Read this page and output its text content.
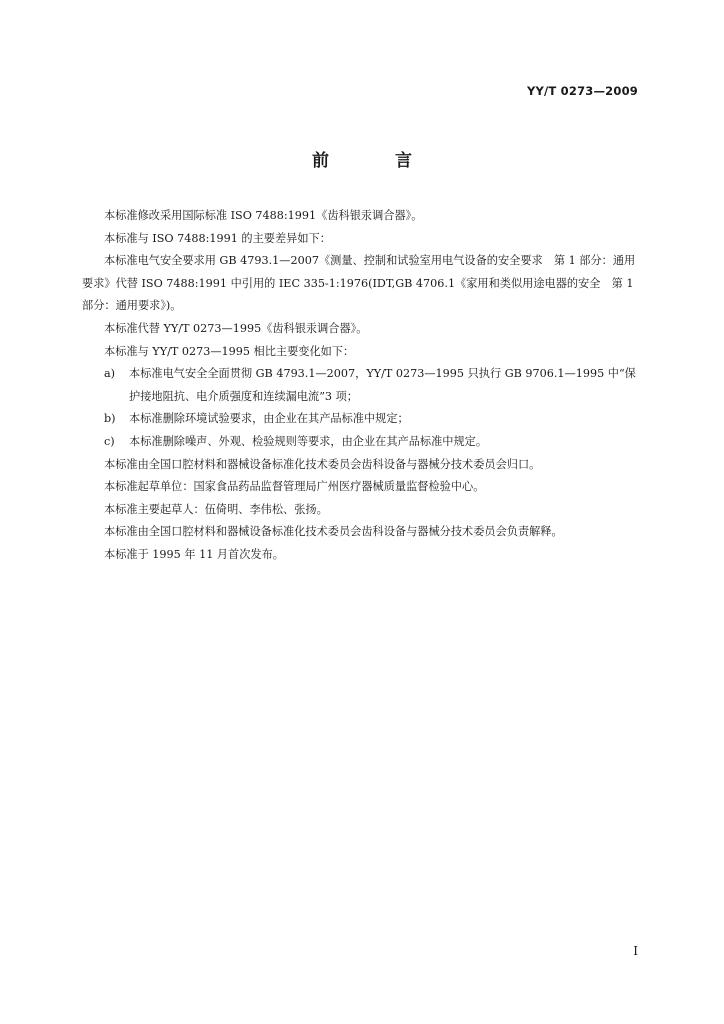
YY/T 0273—2009
前 言

本标准修改采用国际标准 ISO 7488:1991《齿科银汞调合器》。

本标准与 ISO 7488:1991 的主要差异如下：

本标准电气安全要求用 GB 4793.1—2007《测量、控制和试验室用电气设备的安全要求　第 1 部分：通用要求》代替 ISO 7488:1991 中引用的 IEC 335-1:1976(IDT,GB 4706.1《家用和类似用途电器的安全　第 1 部分：通用要求》)。

本标准代替 YY/T 0273—1995《齿科银汞调合器》。

本标准与 YY/T 0273—1995 相比主要变化如下：

a)	本标准电气安全全面贯彻 GB 4793.1—2007，YY/T 0273—1995 只执行 GB 9706.1—1995 中“保护接地阻抗、电介质强度和连续漏电流”3 项；
b)	本标准删除环境试验要求，由企业在其产品标准中规定；
c)	本标准删除噪声、外观、检验规则等要求，由企业在其产品标准中规定。

本标准由全国口腔材料和器械设备标准化技术委员会齿科设备与器械分技术委员会归口。

本标准起草单位：国家食品药品监督管理局广州医疗器械质量监督检验中心。

本标准主要起草人：伍倚明、李伟松、张扬。

本标准由全国口腔材料和器械设备标准化技术委员会齿科设备与器械分技术委员会负责解释。

本标准于 1995 年 11 月首次发布。

I
